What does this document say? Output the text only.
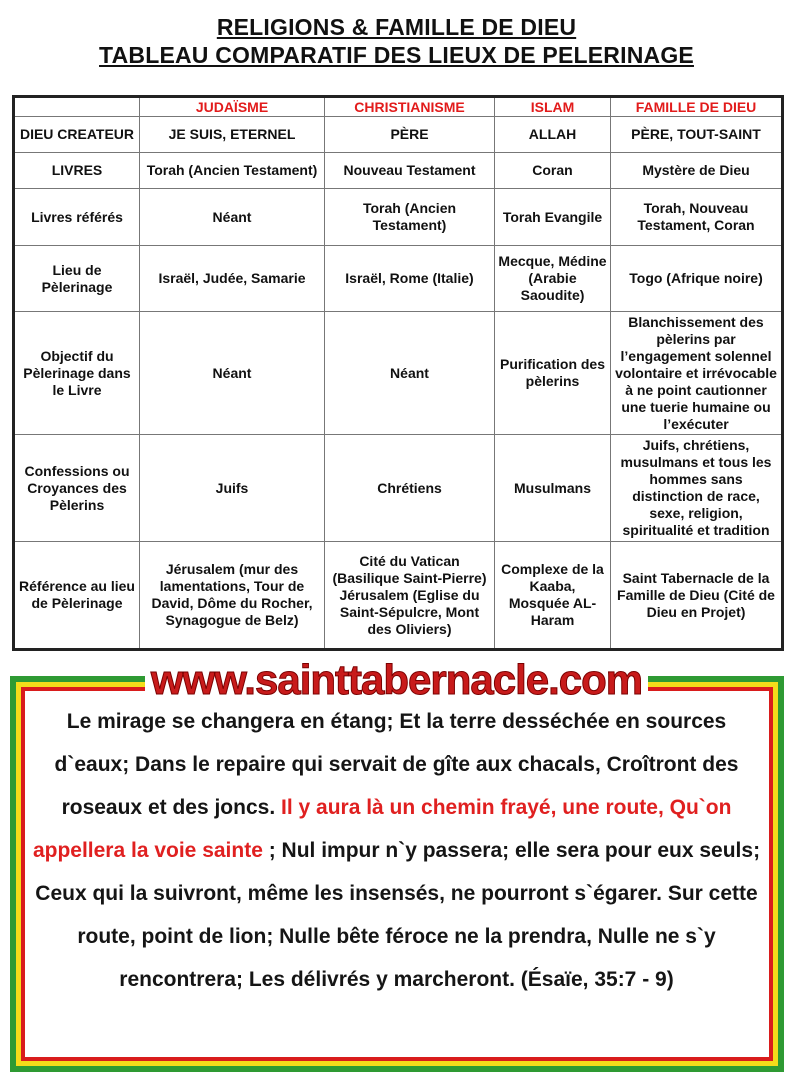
RELIGIONS & FAMILLE DE DIEU
TABLEAU COMPARATIF DES LIEUX DE PELERINAGE
	JUDAÏSME	CHRISTIANISME	ISLAM	FAMILLE DE DIEU
DIEU CREATEUR	JE SUIS, ETERNEL	PÈRE	ALLAH	PÈRE, TOUT-SAINT
LIVRES	Torah (Ancien Testament)	Nouveau Testament	Coran	Mystère de Dieu
Livres référés	Néant	Torah (Ancien Testament)	Torah Evangile	Torah, Nouveau Testament, Coran
Lieu de Pèlerinage	Israël, Judée, Samarie	Israël, Rome (Italie)	Mecque, Médine (Arabie Saoudite)	Togo (Afrique noire)
Objectif du Pèlerinage dans le Livre	Néant	Néant	Purification des pèlerins	Blanchissement des pèlerins par l’engagement solennel volontaire et irrévocable à ne point cautionner une tuerie humaine ou l’exécuter
Confessions ou Croyances des Pèlerins	Juifs	Chrétiens	Musulmans	Juifs, chrétiens, musulmans et tous les hommes sans distinction de race, sexe, religion, spiritualité et tradition
Référence au lieu de Pèlerinage	Jérusalem (mur des lamentations, Tour de David, Dôme du Rocher, Synagogue de Belz)	Cité du Vatican (Basilique Saint-Pierre) Jérusalem (Eglise du Saint-Sépulcre, Mont des Oliviers)	Complexe de la Kaaba, Mosquée AL-Haram	Saint Tabernacle de la Famille de Dieu (Cité de Dieu en Projet)
www.sainttabernacle.com
Le mirage se changera en étang; Et la terre desséchée en sources d`eaux; Dans le repaire qui servait de gîte aux chacals, Croîtront des roseaux et des joncs. Il y aura là un chemin frayé, une route, Qu`on appellera la voie sainte ; Nul impur n`y passera; elle sera pour eux seuls; Ceux qui la suivront, même les insensés, ne pourront s`égarer. Sur cette route, point de lion; Nulle bête féroce ne la prendra, Nulle ne s`y rencontrera; Les délivrés y marcheront. (Ésaïe, 35:7 - 9)
